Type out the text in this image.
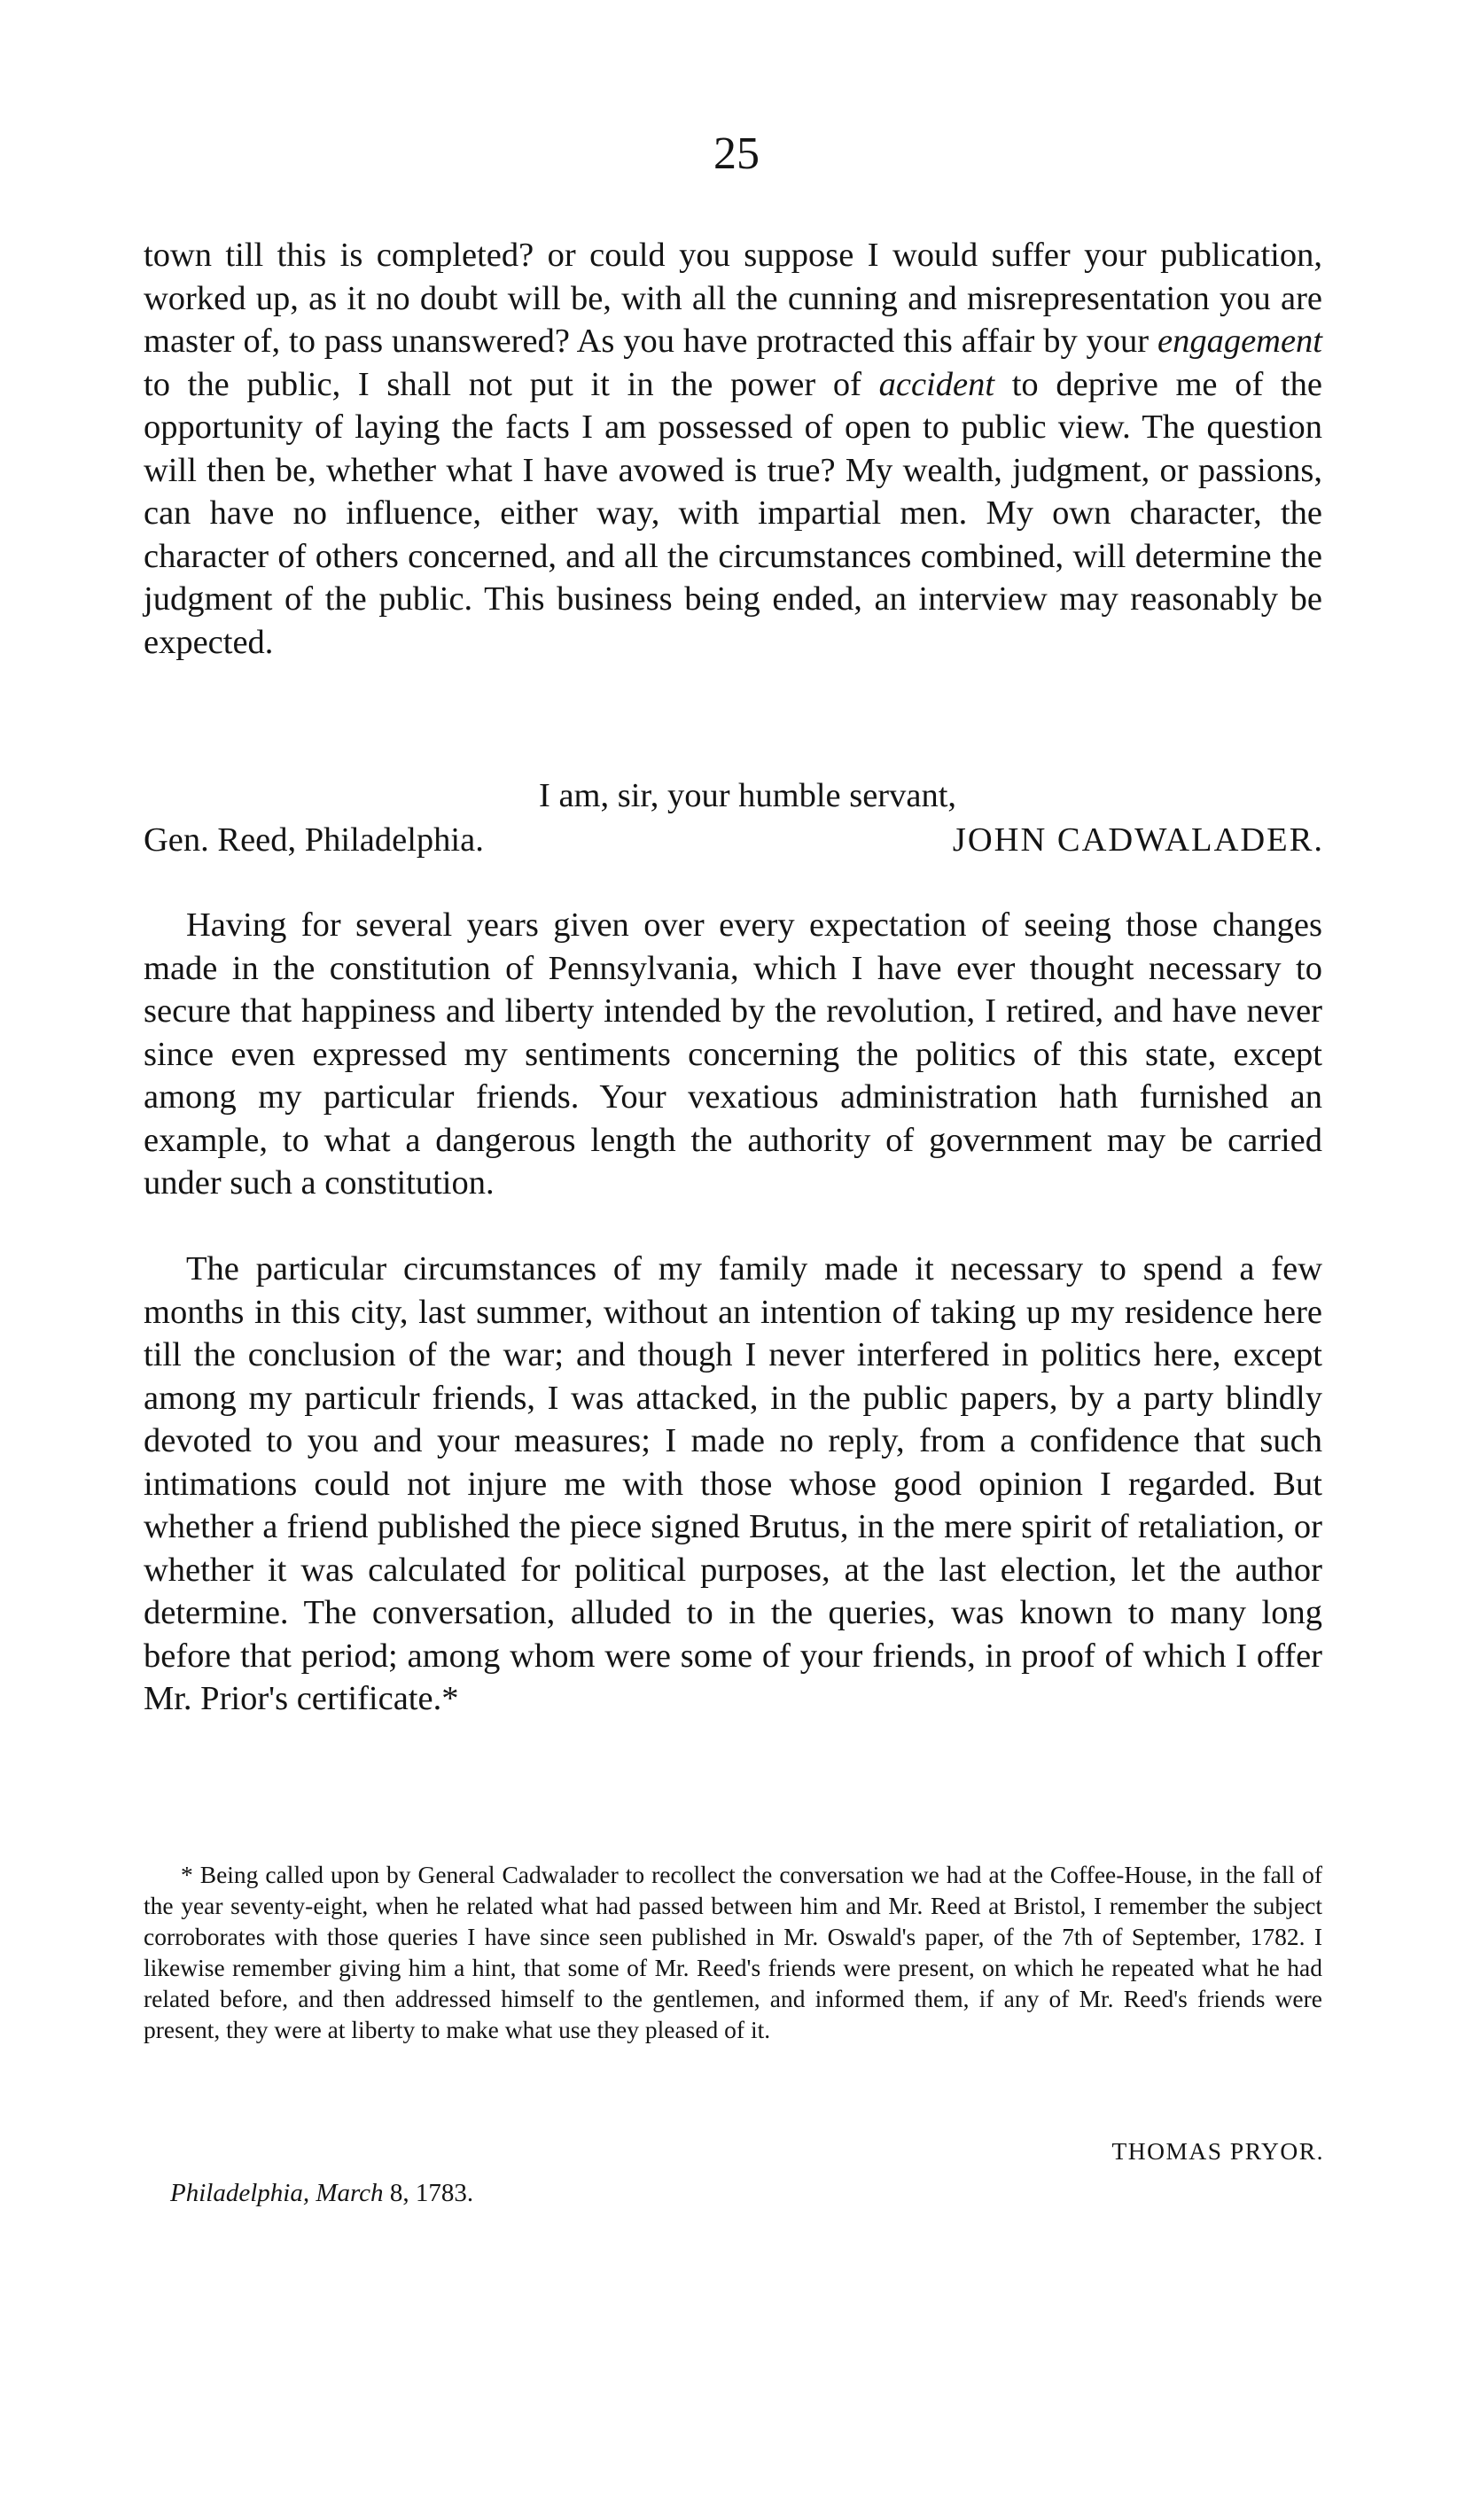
25

town till this is completed? or could you suppose I would suffer your publication, worked up, as it no doubt will be, with all the cunning and misrepresentation you are master of, to pass unanswered? As you have protracted this affair by your engagement to the public, I shall not put it in the power of accident to deprive me of the opportunity of laying the facts I am possessed of open to public view. The question will then be, whether what I have avowed is true? My wealth, judgment, or passions, can have no influence, either way, with impartial men. My own character, the character of others concerned, and all the circumstances combined, will determine the judgment of the public. This business being ended, an interview may reasonably be expected.

I am, sir, your humble servant,

Gen. Reed, Philadelphia.	JOHN CADWALADER.

Having for several years given over every expectation of seeing those changes made in the constitution of Pennsylvania, which I have ever thought necessary to secure that happiness and liberty intended by the revolution, I retired, and have never since even expressed my sentiments concerning the politics of this state, except among my particular friends. Your vexatious administration hath furnished an example, to what a dangerous length the authority of government may be carried under such a constitution.

The particular circumstances of my family made it necessary to spend a few months in this city, last summer, without an intention of taking up my residence here till the conclusion of the war; and though I never interfered in politics here, except among my particulr friends, I was attacked, in the public papers, by a party blindly devoted to you and your measures; I made no reply, from a confidence that such intimations could not injure me with those whose good opinion I regarded. But whether a friend published the piece signed Brutus, in the mere spirit of retaliation, or whether it was calculated for political purposes, at the last election, let the author determine. The conversation, alluded to in the queries, was known to many long before that period; among whom were some of your friends, in proof of which I offer Mr. Prior's certificate.*

* Being called upon by General Cadwalader to recollect the conversation we had at the Coffee-House, in the fall of the year seventy-eight, when he related what had passed between him and Mr. Reed at Bristol, I remember the subject corroborates with those queries I have since seen published in Mr. Oswald's paper, of the 7th of September, 1782. I likewise remember giving him a hint, that some of Mr. Reed's friends were present, on which he repeated what he had related before, and then addressed himself to the gentlemen, and informed them, if any of Mr. Reed's friends were present, they were at liberty to make what use they pleased of it.

THOMAS PRYOR.

Philadelphia, March 8, 1783.
